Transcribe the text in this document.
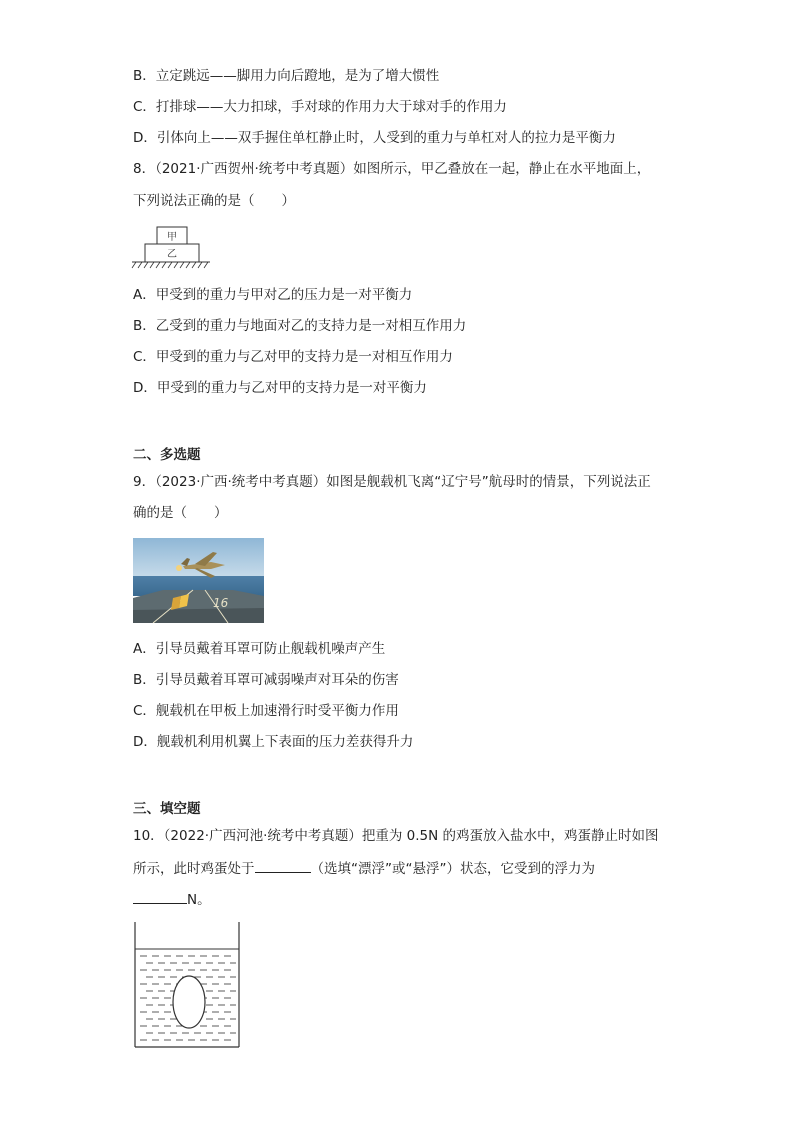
B．立定跳远——脚用力向后蹬地，是为了增大惯性
C．打排球——大力扣球，手对球的作用力大于球对手的作用力
D．引体向上——双手握住单杠静止时，人受到的重力与单杠对人的拉力是平衡力
8．（2021·广西贺州·统考中考真题）如图所示，甲乙叠放在一起，静止在水平地面上，
下列说法正确的是（　　）
甲
乙
A．甲受到的重力与甲对乙的压力是一对平衡力
B．乙受到的重力与地面对乙的支持力是一对相互作用力
C．甲受到的重力与乙对甲的支持力是一对相互作用力
D．甲受到的重力与乙对甲的支持力是一对平衡力
二、多选题
9．（2023·广西·统考中考真题）如图是舰载机飞离“辽宁号”航母时的情景，下列说法正
确的是（　　）
16
A．引导员戴着耳罩可防止舰载机噪声产生
B．引导员戴着耳罩可减弱噪声对耳朵的伤害
C．舰载机在甲板上加速滑行时受平衡力作用
D．舰载机利用机翼上下表面的压力差获得升力
三、填空题
10．（2022·广西河池·统考中考真题）把重为 0.5N 的鸡蛋放入盐水中，鸡蛋静止时如图
所示，此时鸡蛋处于	（选填“漂浮”或“悬浮”）状态，它受到的浮力为
N。
